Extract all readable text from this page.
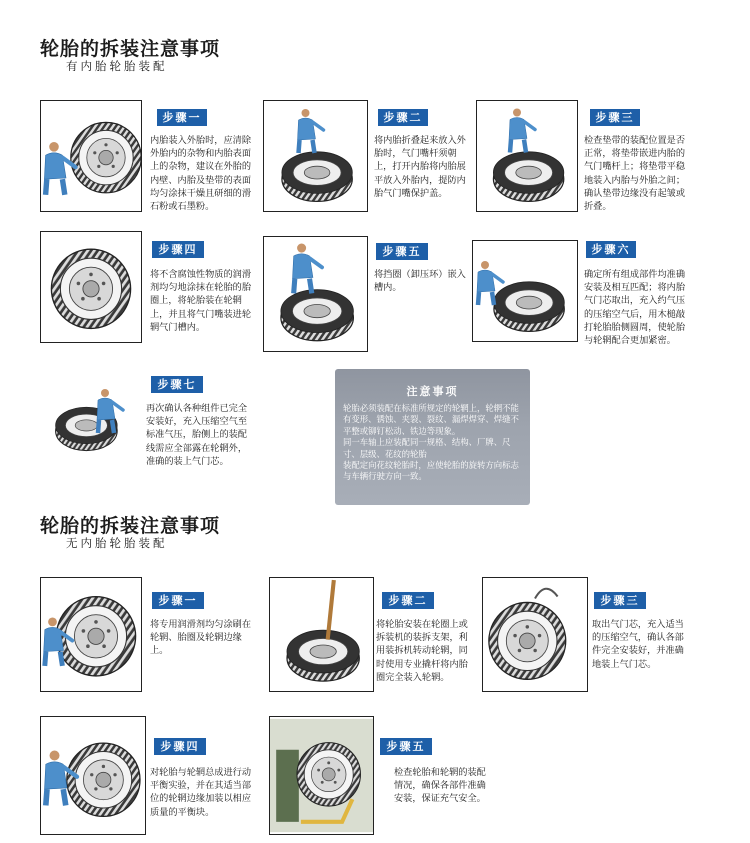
轮胎的拆装注意事项
有内胎轮胎装配
步骤一
内胎装入外胎时，应清除外胎内的杂物和内胎表面上的杂物，建议在外胎的内壁、内胎及垫带的表面均匀涂抹干燥且研细的滑石粉或石墨粉。
步骤二
将内胎折叠起来放入外胎时，气门嘴杆须朝上，打开内胎将内胎展平放入外胎内，提防内胎气门嘴保护盖。
步骤三
检查垫带的装配位置是否正常，将垫带嵌进内胎的气门嘴杆上；将垫带平稳地装入内胎与外胎之间；确认垫带边缘没有起皱或折叠。
步骤四
将不含腐蚀性物质的润滑剂均匀地涂抹在轮胎的胎圈上，将轮胎装在轮辋上，并且将气门嘴装进轮辋气门槽内。
步骤五
将挡圈（卸压环）嵌入槽内。
步骤六
确定所有组成部件均准确安装及相互匹配；将内胎气门芯取出，充入约气压的压缩空气后，用木槌敲打轮胎胎侧圆周，使轮胎与轮辋配合更加紧密。
步骤七
再次确认各种组件已完全安装好，充入压缩空气至标准气压，胎侧上的装配线需应全部露在轮辋外，准确的装上气门芯。
注意事项
轮胎必须装配在标准所规定的轮辋上，轮辋不能有变形、锈蚀、夹裂、裂纹、漏焊焊穿、焊缝不平整或铆钉松动、铁边等现象。
同一车轴上应装配同一规格、结构、厂牌、尺寸、层级、花纹的轮胎
装配定向花纹轮胎时，应使轮胎的旋转方向标志与车辆行驶方向一致。
轮胎的拆装注意事项
无内胎轮胎装配
步骤一
将专用润滑剂均匀涂刷在轮辋、胎圈及轮辋边缘上。
步骤二
将轮胎安装在轮圈上或拆装机的装拆支架，利用装拆机转动轮辋，同时使用专业撬杆将内胎圈完全装入轮辋。
步骤三
取出气门芯，充入适当的压缩空气，确认各部件完全安装好，并准确地装上气门芯。
步骤四
对轮胎与轮辋总成进行动平衡实验，并在其适当部位的轮辋边缘加装以相应质量的平衡块。
步骤五
检查轮胎和轮辋的装配情况，确保各部件准确安装，保证充气安全。
